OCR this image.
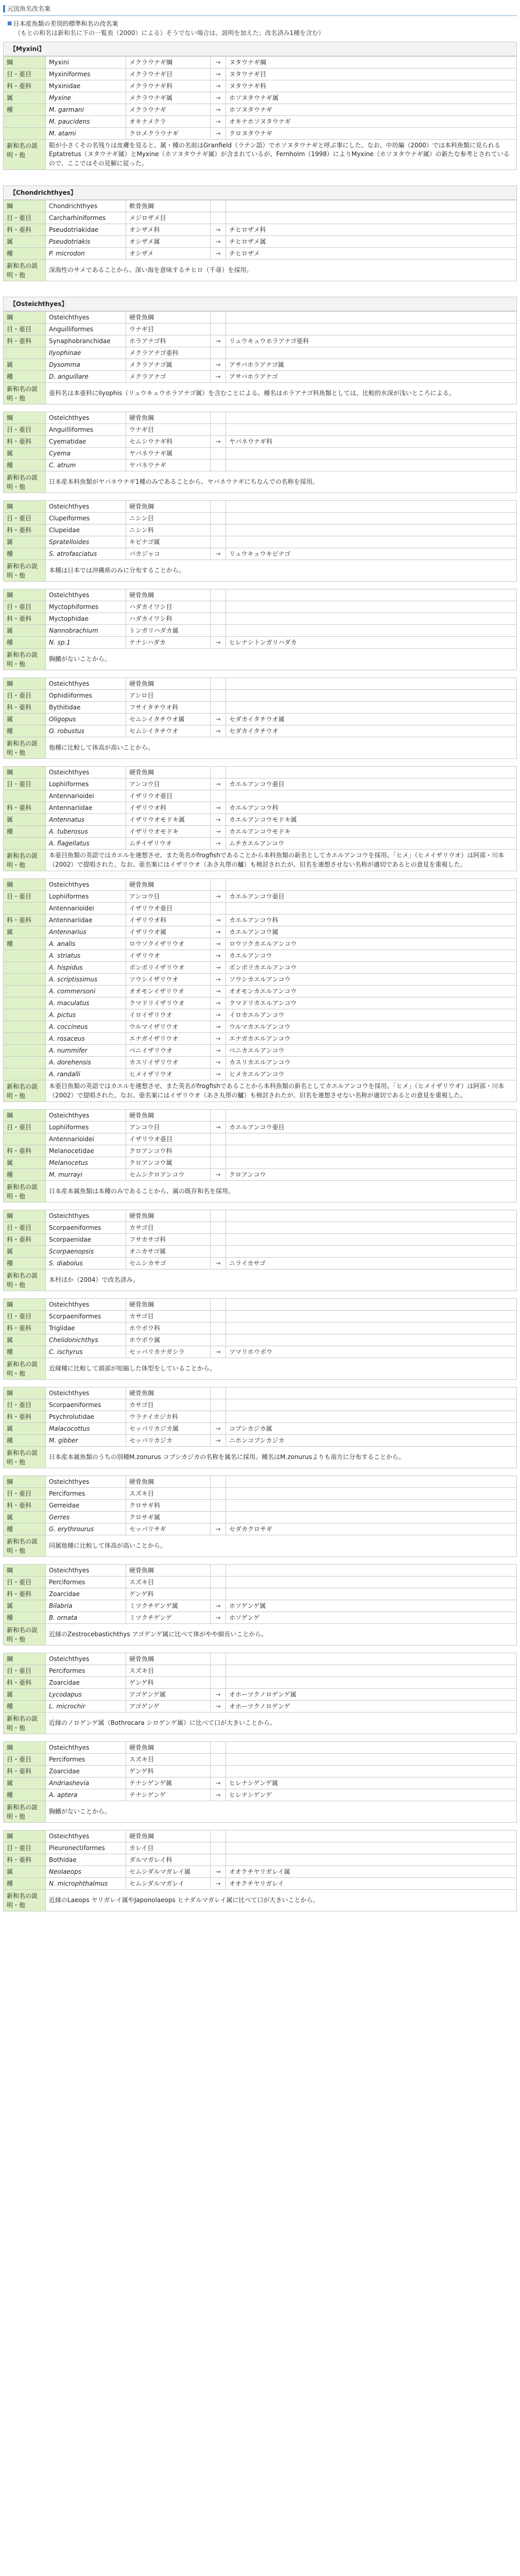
元図魚名改名案
■ 日本産魚類の差別的標準和名の改名案
（もとの和名は新和名に下の一覧表（2000）による）そうでない場合は、説明を加えた；改名済み1種を含む）
【Myxini】
綱	Myxini	メクラウナギ綱	→	ヌタウナギ綱
目・亜目	Myxiniformes	メクラウナギ目	→	ヌタウナギ目
科・亜科	Myxinidae	メクラウナギ科	→	ヌタウナギ科
属	Myxine	メクラウナギ属	→	ホソヌタウナギ属
種	M. garmani	メクラウナギ	→	ホソヌタウナギ
	M. paucidens	オキナメクラ	→	オキナホソヌタウナギ
	M. atami	クロメクラウナギ	→	クロヌタウナギ
新和名の説明・他	眼が小さくその名残りは皮膚を見ると、属・種の名前はGranfield（ラテン語）でホソヌタウナギと呼ぶ事にした。なお、中坊編（2000）では本科魚類に見られるEptatretus（ヌタウナギ属）とMyxine（ホソヌタウナギ属）が含まれているが、Fernholm（1998）によりMyxine（ホソヌタウナギ属）の新たな参考とされているので、ここではその見解に従った。			
【Chondrichthyes】
綱	Chondrichthyes	軟骨魚綱		
目・亜目	Carcharhiniformes	メジロザメ目		
科・亜科	Pseudotriakidae	オシザメ科	→	チヒロザメ科
属	Pseudotriakis	オシザメ属	→	チヒロザメ属
種	P. microdon	オシザメ	→	チヒロザメ
新和名の説明・他	深海性のサメであることから、深い海を意味するチヒロ（千尋）を採用。			
【Osteichthyes】
綱	Osteichthyes	硬骨魚綱		
目・亜目	Anguilliformes	ウナギ目		
科・亜科	Synaphobranchidae	ホラアナゴ科	→	リュウキュウホラアナゴ亜科
	Ilyophinae	メクラアナゴ亜科		
属	Dysomma	メクラアナゴ属	→	アサバホラアナゴ属
種	D. anguillare	メクラアナゴ	→	アサバホラアナゴ
新和名の説明・他	亜科名は本亜科にIlyophis（リュウキュウホラアナゴ属）を含むことによる。種名はホラアナゴ科魚類としては、比較的水深が浅いところによる。			
綱	Osteichthyes	硬骨魚綱		
目・亜目	Anguilliformes	ウナギ目		
科・亜科	Cyematidae	セムシウナギ科	→	ヤバネウナギ科
属	Cyema	ヤバネウナギ属		
種	C. atrum	ヤバネウナギ		
新和名の説明・他	日本産本科魚類がヤバネウナギ1種のみであることから、ヤバネウナギにちなんでの名称を採用。			
綱	Osteichthyes	硬骨魚綱		
目・亜目	Clupeiformes	ニシン目		
科・亜科	Clupeidae	ニシン科		
属	Spratelloides	キビナゴ属		
種	S. atrofasciatus	バカジャコ	→	リュウキュウキビナゴ
新和名の説明・他	本種は日本では沖縄県のみに分布することから。			
綱	Osteichthyes	硬骨魚綱		
目・亜目	Myctophiformes	ハダカイワシ目		
科・亜科	Myctophidae	ハダカイワシ科		
属	Nannobrachium	トンガリハダカ属		
種	N. sp.1	テナシハダカ	→	ヒレナシトンガリハダカ
新和名の説明・他	胸鰭がないことから。			
綱	Osteichthyes	硬骨魚綱		
目・亜目	Ophidiiformes	アシロ目		
科・亜科	Bythitidae	フサイタチウオ科		
属	Oligopus	セムシイタチウオ属	→	セダカイタチウオ属
種	O. robustus	セムシイタチウオ	→	セダカイタチウオ
新和名の説明・他	他種に比較して体高が高いことから。			
綱	Osteichthyes	硬骨魚綱		
目・亜目	Lophiiformes	アンコウ目	→	カエルアンコウ亜目
	Antennarioidei	イザリウオ亜目		
科・亜科	Antennariidae	イザリウオ科	→	カエルアンコウ科
属	Antennatus	イザリウオモドキ属	→	カエルアンコウモドキ属
種	A. tuberosus	イザリウオモドキ	→	カエルアンコウモドキ
	A. flagellatus	ムチイザリウオ	→	ムチカエルアンコウ
新和名の説明・他	本亜目魚類の英語ではカエルを連想させ、また英名がfrogfishであることから本科魚類の新名としてカエルアンコウを採用。「ヒメ」（ヒメイザリウオ）は阿部・川本（2002）で提唱された。なお、亜名案にはイザリウオ（あさ丸帯の鱸）も検討されたが、旧名を連想させない名称が適切であるとの意見を重視した。			
綱	Osteichthyes	硬骨魚綱		
目・亜目	Lophiiformes	アンコウ目	→	カエルアンコウ亜目
	Antennarioidei	イザリウオ亜目		
科・亜科	Antennariidae	イザリウオ科	→	カエルアンコウ科
属	Antennarius	イザリウオ属	→	カエルアンコウ属
種	A. analis	ロウソクイザリウオ	→	ロウソクカエルアンコウ
	A. striatus	イザリウオ	→	カエルアンコウ
	A. hispidus	ボンボリイザリウオ	→	ボンボリカエルアンコウ
	A. scriptissimus	ソウシイザリウオ	→	ソウシカエルアンコウ
	A. commersoni	オオモンイザリウオ	→	オオモンカエルアンコウ
	A. maculatus	クマドリイザリウオ	→	クマドリカエルアンコウ
	A. pictus	イロイザリウオ	→	イロカエルアンコウ
	A. coccineus	ウルマイザリウオ	→	ウルマカエルアンコウ
	A. rosaceus	エナガイザリウオ	→	エナガカエルアンコウ
	A. nummifer	ベニイザリウオ	→	ベニカエルアンコウ
	A. dorehensis	カスリイザリウオ	→	カスリカエルアンコウ
	A. randalli	ヒメイザリウオ	→	ヒメカエルアンコウ
新和名の説明・他	本亜目魚類の英語ではカエルを連想させ、また英名がfrogfishであることから本科魚類の新名としてカエルアンコウを採用。「ヒメ」（ヒメイザリウオ）は阿部・川本（2002）で提唱された。なお、亜名案にはイザリウオ（あさ丸帯の鱸）も検討されたが、旧名を連想させない名称が適切であるとの意見を重視した。			
綱	Osteichthyes	硬骨魚綱		
目・亜目	Lophiiformes	アンコウ目	→	カエルアンコウ亜目
	Antennarioidei	イザリウオ亜目		
科・亜科	Melanocetidae	クロアンコウ科		
属	Melanocetus	クロアンコウ属		
種	M. murrayi	セムシクロアンコウ	→	クロアンコウ
新和名の説明・他	日本産本属魚類は本種のみであることから、属の既存和名を採用。			
綱	Osteichthyes	硬骨魚綱		
目・亜目	Scorpaeniformes	カサゴ目		
科・亜科	Scorpaenidae	フサカサゴ科		
属	Scorpaenopsis	オニカサゴ属		
種	S. diabolus	セムシカサゴ	→	ニライカサゴ
新和名の説明・他	本村ほか（2004）で改名済み。			
綱	Osteichthyes	硬骨魚綱		
目・亜目	Scorpaeniformes	カサゴ目		
科・亜科	Triglidae	ホウボウ科		
属	Chelidonichthys	ホウボウ属		
種	C. ischyrus	セッパリカナガシラ	→	ツマリホウボウ
新和名の説明・他	近縁種に比較して頭部が短縮した体型をしていることから。			
綱	Osteichthyes	硬骨魚綱		
目・亜目	Scorpaeniformes	カサゴ目		
科・亜科	Psychrolutidae	ウラナイカジカ科		
属	Malacocottus	セッパリカジカ属	→	コブシカジカ属
種	M. gibber	セッパリカジカ	→	ニホンコブシカジカ
新和名の説明・他	日本産本属魚類のうちの別種M.zonurus コブシカジカの名称を属名に採用。種名はM.zonurusよりも南方に分布することから。			
綱	Osteichthyes	硬骨魚綱		
目・亜目	Perciformes	スズキ目		
科・亜科	Gerreidae	クロサギ科		
属	Gerres	クロサギ属		
種	G. erythrourus	セッパリサギ	→	セダカクロサギ
新和名の説明・他	同属他種に比較して体高が高いことから。			
綱	Osteichthyes	硬骨魚綱		
目・亜目	Perciformes	スズキ目		
科・亜科	Zoarcidae	ゲンゲ科		
属	Bilabria	ミツクチゲンゲ属	→	ホソゲンゲ属
種	B. ornata	ミツクチゲンゲ	→	ホソゲンゲ
新和名の説明・他	近縁のZestrocebastichthys アゴゲンゲ属に比べて体がやや細長いことから。			
綱	Osteichthyes	硬骨魚綱		
目・亜目	Perciformes	スズキ目		
科・亜科	Zoarcidae	ゲンゲ科		
属	Lycodapus	アゴゲンゲ属	→	オホーツクノロゲンゲ属
種	L. microchir	アゴゲンゲ	→	オホーツクノロゲンゲ
新和名の説明・他	近縁のノロゲンゲ属（Bothrocara シロゲンゲ属）に比べて口が大きいことから。			
綱	Osteichthyes	硬骨魚綱		
目・亜目	Perciformes	スズキ目		
科・亜科	Zoarcidae	ゲンゲ科		
属	Andriashevia	テナシゲンゲ属	→	ヒレナシゲンゲ属
種	A. aptera	テナシゲンゲ	→	ヒレナシゲンゲ
新和名の説明・他	胸鰭がないことから。			
綱	Osteichthyes	硬骨魚綱		
目・亜目	Pleuronectiformes	カレイ目		
科・亜科	Bothidae	ダルマガレイ科		
属	Neolaeops	セムシダルマガレイ属	→	オオクチヤリガレイ属
種	N. microphthalmus	セムシダルマガレイ	→	オオクチヤリガレイ
新和名の説明・他	近縁のLaeops ヤリガレイ属やJaponolaeops ヒナダルマガレイ属に比べて口が大きいことから。			
